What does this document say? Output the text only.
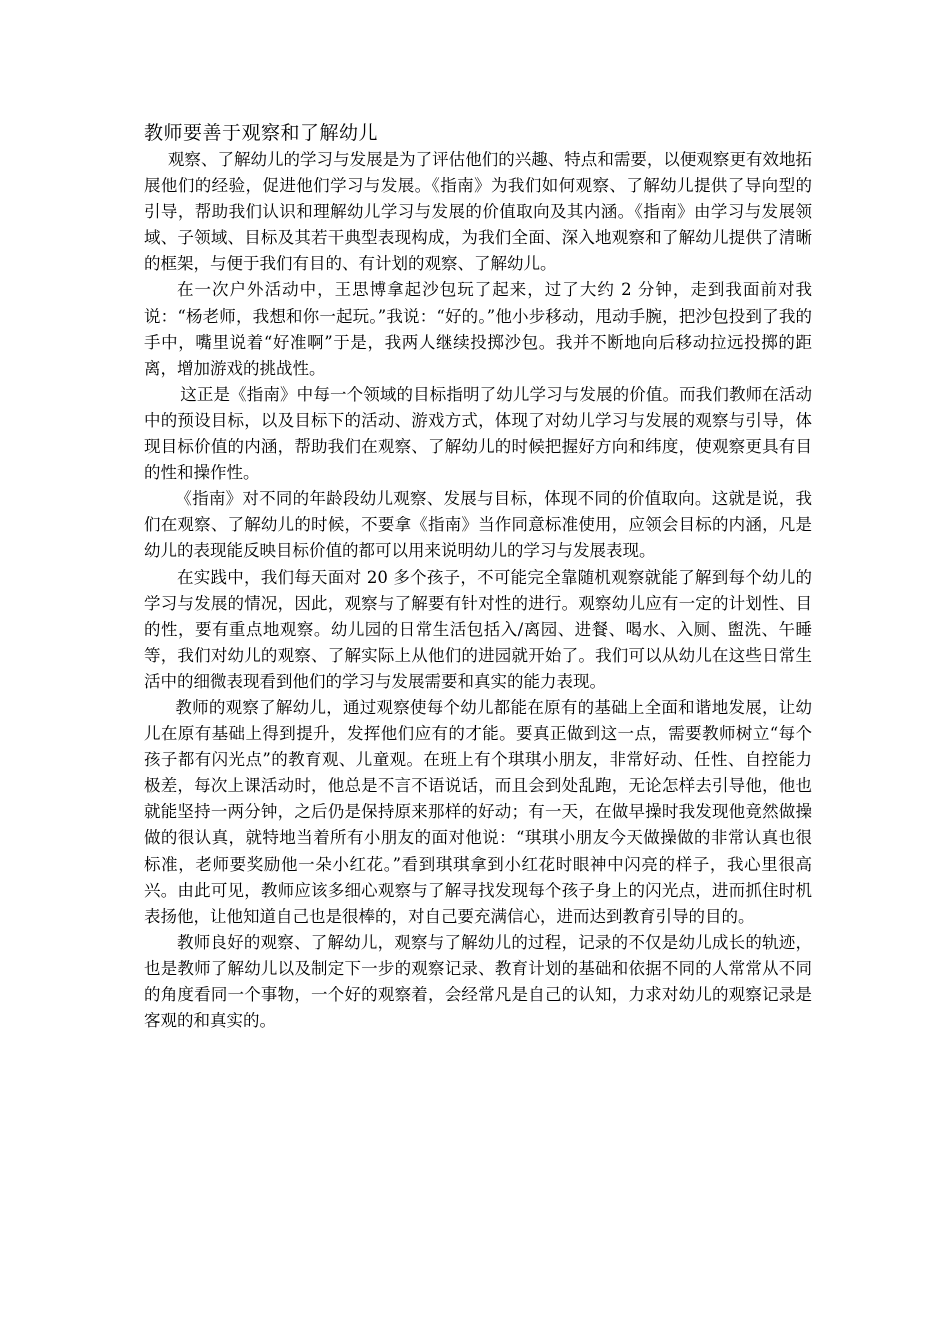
教师要善于观察和了解幼儿

观察、了解幼儿的学习与发展是为了评估他们的兴趣、特点和需要，以便观察更有效地拓展他们的经验，促进他们学习与发展。《指南》为我们如何观察、了解幼儿提供了导向型的引导，帮助我们认识和理解幼儿学习与发展的价值取向及其内涵。《指南》由学习与发展领域、子领域、目标及其若干典型表现构成，为我们全面、深入地观察和了解幼儿提供了清晰的框架，与便于我们有目的、有计划的观察、了解幼儿。

在一次户外活动中，王思博拿起沙包玩了起来，过了大约 2 分钟，走到我面前对我说：“杨老师，我想和你一起玩。”我说：“好的。”他小步移动，甩动手腕，把沙包投到了我的手中，嘴里说着“好准啊”于是，我两人继续投掷沙包。我并不断地向后移动拉远投掷的距离，增加游戏的挑战性。

这正是《指南》中每一个领域的目标指明了幼儿学习与发展的价值。而我们教师在活动中的预设目标，以及目标下的活动、游戏方式，体现了对幼儿学习与发展的观察与引导，体现目标价值的内涵，帮助我们在观察、了解幼儿的时候把握好方向和纬度，使观察更具有目的性和操作性。

《指南》对不同的年龄段幼儿观察、发展与目标，体现不同的价值取向。这就是说，我们在观察、了解幼儿的时候，不要拿《指南》当作同意标准使用，应领会目标的内涵，凡是幼儿的表现能反映目标价值的都可以用来说明幼儿的学习与发展表现。

在实践中，我们每天面对 20 多个孩子，不可能完全靠随机观察就能了解到每个幼儿的学习与发展的情况，因此，观察与了解要有针对性的进行。观察幼儿应有一定的计划性、目的性，要有重点地观察。幼儿园的日常生活包括入/离园、进餐、喝水、入厕、盥洗、午睡等，我们对幼儿的观察、了解实际上从他们的进园就开始了。我们可以从幼儿在这些日常生活中的细微表现看到他们的学习与发展需要和真实的能力表现。

教师的观察了解幼儿，通过观察使每个幼儿都能在原有的基础上全面和谐地发展，让幼儿在原有基础上得到提升，发挥他们应有的才能。要真正做到这一点，需要教师树立“每个孩子都有闪光点”的教育观、儿童观。在班上有个琪琪小朋友，非常好动、任性、自控能力极差，每次上课活动时，他总是不言不语说话，而且会到处乱跑，无论怎样去引导他，他也就能坚持一两分钟，之后仍是保持原来那样的好动；有一天，在做早操时我发现他竟然做操做的很认真，就特地当着所有小朋友的面对他说：“琪琪小朋友今天做操做的非常认真也很标准，老师要奖励他一朵小红花。”看到琪琪拿到小红花时眼神中闪亮的样子，我心里很高兴。由此可见，教师应该多细心观察与了解寻找发现每个孩子身上的闪光点，进而抓住时机表扬他，让他知道自己也是很棒的，对自己要充满信心，进而达到教育引导的目的。

教师良好的观察、了解幼儿，观察与了解幼儿的过程，记录的不仅是幼儿成长的轨迹，也是教师了解幼儿以及制定下一步的观察记录、教育计划的基础和依据不同的人常常从不同的角度看同一个事物，一个好的观察着，会经常凡是自己的认知，力求对幼儿的观察记录是客观的和真实的。
